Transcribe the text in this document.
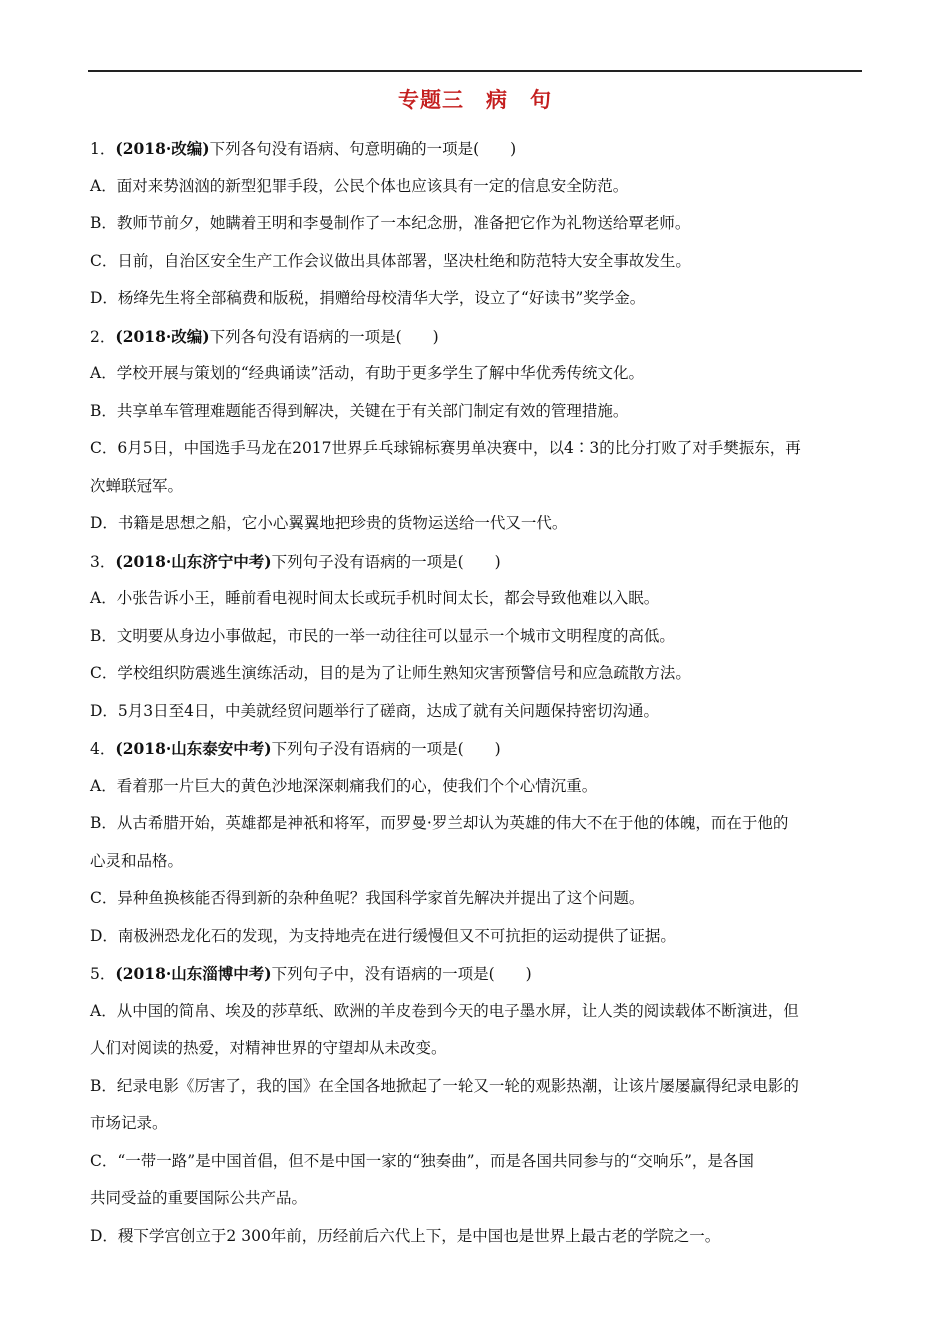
专题三　病　句
1．(2018·改编)下列各句没有语病、句意明确的一项是(　　)
A．面对来势汹汹的新型犯罪手段，公民个体也应该具有一定的信息安全防范。
B．教师节前夕，她瞒着王明和李曼制作了一本纪念册，准备把它作为礼物送给覃老师。
C．日前，自治区安全生产工作会议做出具体部署，坚决杜绝和防范特大安全事故发生。
D．杨绛先生将全部稿费和版税，捐赠给母校清华大学，设立了“好读书”奖学金。
2．(2018·改编)下列各句没有语病的一项是(　　)
A．学校开展与策划的“经典诵读”活动，有助于更多学生了解中华优秀传统文化。
B．共享单车管理难题能否得到解决，关键在于有关部门制定有效的管理措施。
C．6月5日，中国选手马龙在2017世界乒乓球锦标赛男单决赛中，以4∶3的比分打败了对手樊振东，再
次蝉联冠军。
D．书籍是思想之船，它小心翼翼地把珍贵的货物运送给一代又一代。
3．(2018·山东济宁中考)下列句子没有语病的一项是(　　)
A．小张告诉小王，睡前看电视时间太长或玩手机时间太长，都会导致他难以入眠。
B．文明要从身边小事做起，市民的一举一动往往可以显示一个城市文明程度的高低。
C．学校组织防震逃生演练活动，目的是为了让师生熟知灾害预警信号和应急疏散方法。
D．5月3日至4日，中美就经贸问题举行了磋商，达成了就有关问题保持密切沟通。
4．(2018·山东泰安中考)下列句子没有语病的一项是(　　)
A．看着那一片巨大的黄色沙地深深刺痛我们的心，使我们个个心情沉重。
B．从古希腊开始，英雄都是神祇和将军，而罗曼·罗兰却认为英雄的伟大不在于他的体魄，而在于他的
心灵和品格。
C．异种鱼换核能否得到新的杂种鱼呢？我国科学家首先解决并提出了这个问题。
D．南极洲恐龙化石的发现，为支持地壳在进行缓慢但又不可抗拒的运动提供了证据。
5．(2018·山东淄博中考)下列句子中，没有语病的一项是(　　)
A．从中国的简帛、埃及的莎草纸、欧洲的羊皮卷到今天的电子墨水屏，让人类的阅读载体不断演进，但
人们对阅读的热爱，对精神世界的守望却从未改变。
B．纪录电影《厉害了，我的国》在全国各地掀起了一轮又一轮的观影热潮，让该片屡屡赢得纪录电影的
市场记录。
C．“一带一路”是中国首倡，但不是中国一家的“独奏曲”，而是各国共同参与的“交响乐”，是各国
共同受益的重要国际公共产品。
D．稷下学宫创立于2 300年前，历经前后六代上下，是中国也是世界上最古老的学院之一。
